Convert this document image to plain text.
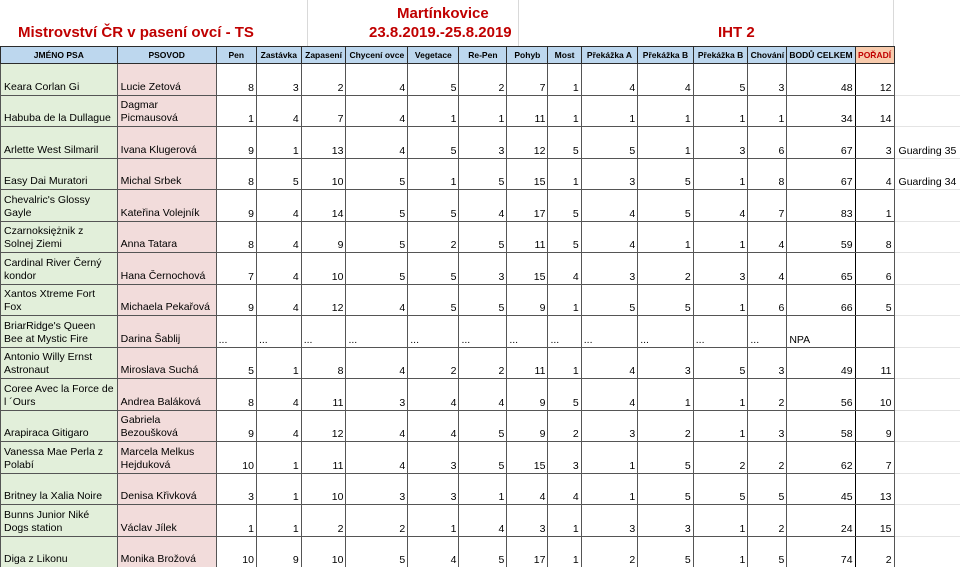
Mistrovství ČR v pasení ovcí - TS
Martínkovice
23.8.2019.-25.8.2019	IHT 2
JMÉNO PSA	PSOVOD	Pen	Zastávka	Zapasení	Chycení ovce	Vegetace	Re-Pen	Pohyb	Most	Překážka A	Překážka B	Překážka B	Chování	BODŮ CELKEM	POŘADÍ	
Keara Corlan Gi	Lucie Zetová	8	3	2	4	5	2	7	1	4	4	5	3	48	12	
Habuba de la Dullague	Dagmar Picmausová	1	4	7	4	1	1	11	1	1	1	1	1	34	14	
Arlette West Silmaril	Ivana Klugerová	9	1	13	4	5	3	12	5	5	1	3	6	67	3	Guarding 35
Easy Dai Muratori	Michal Srbek	8	5	10	5	1	5	15	1	3	5	1	8	67	4	Guarding 34
Chevalric's Glossy Gayle	Kateřina Volejník	9	4	14	5	5	4	17	5	4	5	4	7	83	1	
Czarnoksiężnik z Solnej Ziemi	Anna Tatara	8	4	9	5	2	5	11	5	4	1	1	4	59	8	
Cardinal River Černý kondor	Hana Černochová	7	4	10	5	5	3	15	4	3	2	3	4	65	6	
Xantos Xtreme Fort Fox	Michaela Pekařová	9	4	12	4	5	5	9	1	5	5	1	6	66	5	
BriarRidge's Queen Bee at Mystic Fire	Darina Šablij	...	...	...	...	...	...	...	...	...	...	...	...	NPA		
Antonio Willy Ernst Astronaut	Miroslava Suchá	5	1	8	4	2	2	11	1	4	3	5	3	49	11	
Coree Avec la Force de l ´Ours	Andrea Baláková	8	4	11	3	4	4	9	5	4	1	1	2	56	10	
Arapiraca Gitigaro	Gabriela Bezoušková	9	4	12	4	4	5	9	2	3	2	1	3	58	9	
Vanessa Mae Perla z Polabí	Marcela Melkus Hejduková	10	1	11	4	3	5	15	3	1	5	2	2	62	7	
Britney la Xalia Noire	Denisa Křivková	3	1	10	3	3	1	4	4	1	5	5	5	45	13	
Bunns Junior Niké Dogs station	Václav Jílek	1	1	2	2	1	4	3	1	3	3	1	2	24	15	
Diga z Likonu	Monika Brožová	10	9	10	5	4	5	17	1	2	5	1	5	74	2	
